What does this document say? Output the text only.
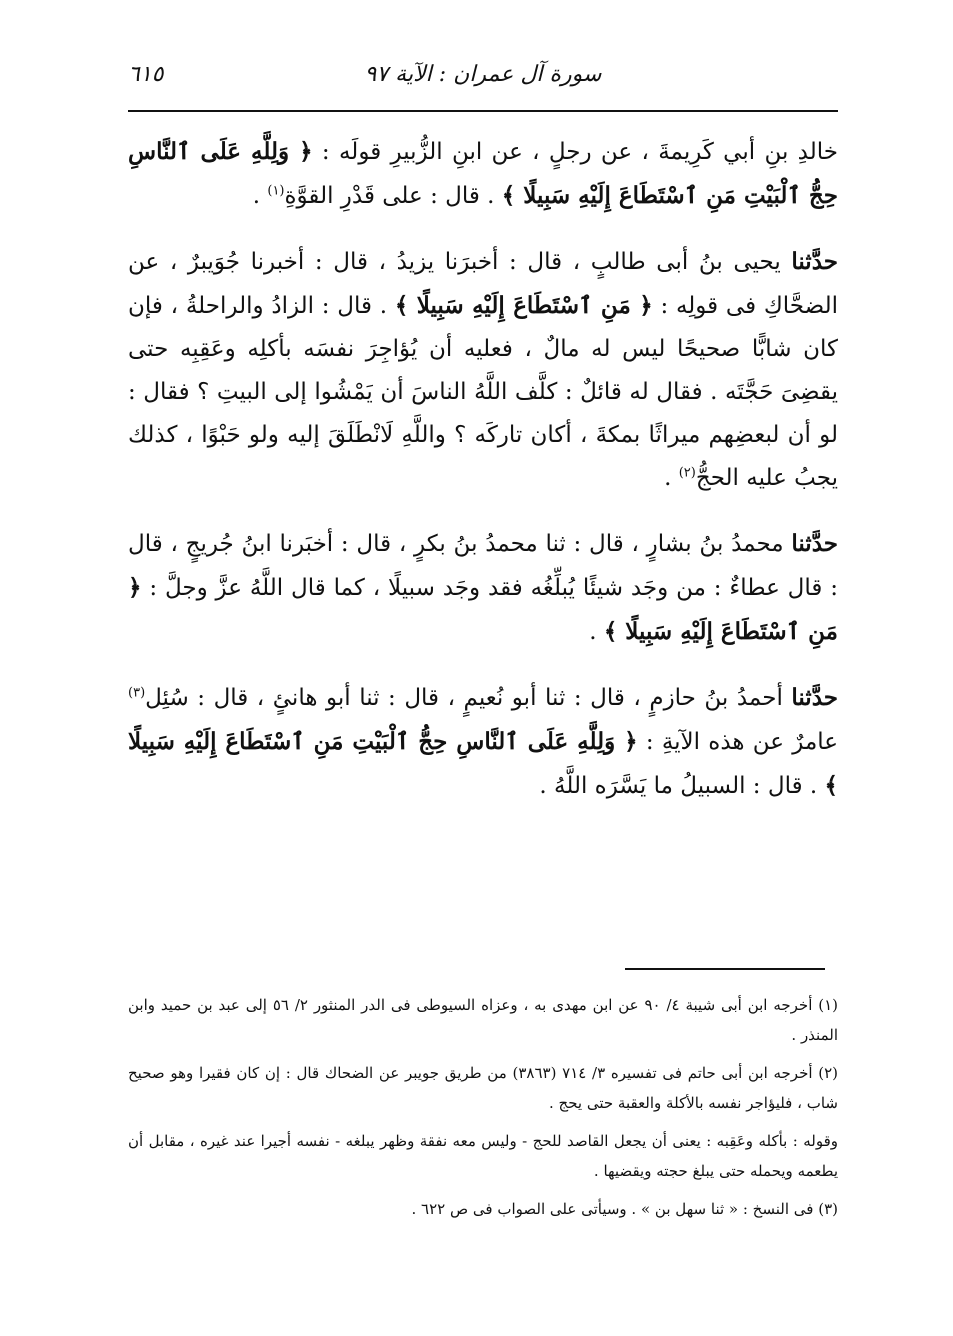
سورة آل عمران : الآية ٩٧
٦١٥

خالدِ بنِ أبي كَرِيمةَ ، عن رجلٍ ، عن ابنِ الزُّبيرِ قولَه : ﴿ وَلِلَّهِ عَلَى ٱلنَّاسِ حِجُّ ٱلْبَيْتِ مَنِ ٱسْتَطَاعَ إِلَيْهِ سَبِيلًا ﴾ . قال : على قَدْرِ القوَّةِ$^{(١)}$ .

حدَّثنا يحيى بنُ أبى طالبٍ ، قال : أخبرَنا يزيدُ ، قال : أخبرنا جُوَيبرٌ ، عن الضحَّاكِ فى قولِه : ﴿ مَنِ ٱسْتَطَاعَ إِلَيْهِ سَبِيلًا ﴾ . قال : الزادُ والراحلةُ ، فإن كان شابًّا صحيحًا ليس له مالٌ ، فعليه أن يُؤاجِرَ نفسَه بأكلِه وعَقِبِه حتى يقضِىَ حَجَّتَه . فقال له قائلٌ : كلَّف اللَّهُ الناسَ أن يَمْشُوا إلى البيتِ ؟ فقال : لو أن لبعضِهم ميراثًا بمكةَ ، أكان تاركَه ؟ واللَّهِ لَانْطَلَقَ إليه ولو حَبْوًا ، كذلك يجبُ عليه الحجُّ$^{(٢)}$ .

حدَّثنا محمدُ بنُ بشارٍ ، قال : ثنا محمدُ بنُ بكرٍ ، قال : أخبَرنا ابنُ جُريجٍ ، قال : قال عطاءٌ : من وجَد شيئًا يُبلِّغُه فقد وجَد سبيلًا ، كما قال اللَّهُ عزَّ وجلَّ : ﴿ مَنِ ٱسْتَطَاعَ إِلَيْهِ سَبِيلًا ﴾ .

حدَّثنا أحمدُ بنُ حازمٍ ، قال : ثنا أبو نُعيمٍ ، قال : ثنا أبو هانئٍ ، قال : سُئِل$^{(٣)}$ عامرٌ عن هذه الآيةِ : ﴿ وَلِلَّهِ عَلَى ٱلنَّاسِ حِجُّ ٱلْبَيْتِ مَنِ ٱسْتَطَاعَ إِلَيْهِ سَبِيلًا ﴾ . قال : السبيلُ ما يَسَّرَه اللَّهُ .

(١) أخرجه ابن أبى شيبة ٤/ ٩٠ عن ابن مهدى به ، وعزاه السيوطى فى الدر المنثور ٢/ ٥٦ إلى عبد بن حميد وابن المنذر .

(٢) أخرجه ابن أبى حاتم فى تفسيره ٣/ ٧١٤ (٣٨٦٣) من طريق جويبر عن الضحاك قال : إن كان فقيرا وهو صحيح شاب ، فليؤاجر نفسه بالأكلة والعقبة حتى يحج .

وقوله : بأكله وعَقِبه : يعنى أن يجعل القاصد للحج - وليس معه نفقة وظهر يبلغه - نفسه أجيرا عند غيره ، مقابل أن يطعمه ويحمله حتى يبلغ حجته ويقضيها .

(٣) فى النسخ : « ثنا سهل بن » . وسيأتى على الصواب فى ص ٦٢٢ .
